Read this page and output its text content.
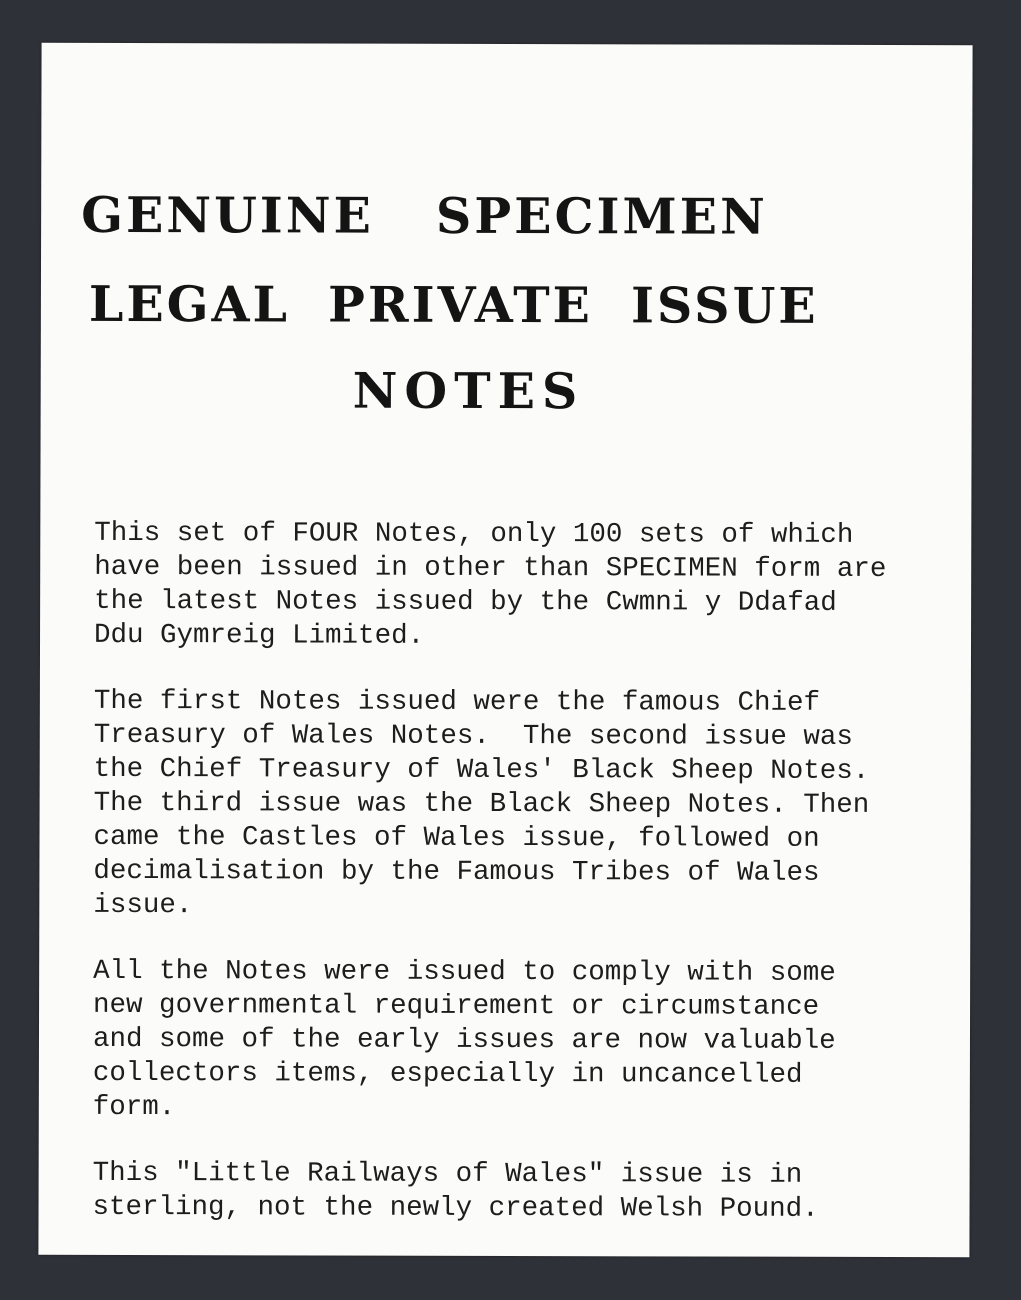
GENUINE SPECIMEN
LEGAL PRIVATE ISSUE
NOTES

This set of FOUR Notes, only 100 sets of which
have been issued in other than SPECIMEN form are
the latest Notes issued by the Cwmni y Ddafad
Ddu Gymreig Limited.

The first Notes issued were the famous Chief
Treasury of Wales Notes.  The second issue was
the Chief Treasury of Wales' Black Sheep Notes.
The third issue was the Black Sheep Notes. Then
came the Castles of Wales issue, followed on
decimalisation by the Famous Tribes of Wales
issue.

All the Notes were issued to comply with some
new governmental requirement or circumstance
and some of the early issues are now valuable
collectors items, especially in uncancelled
form.

This "Little Railways of Wales" issue is in
sterling, not the newly created Welsh Pound.
